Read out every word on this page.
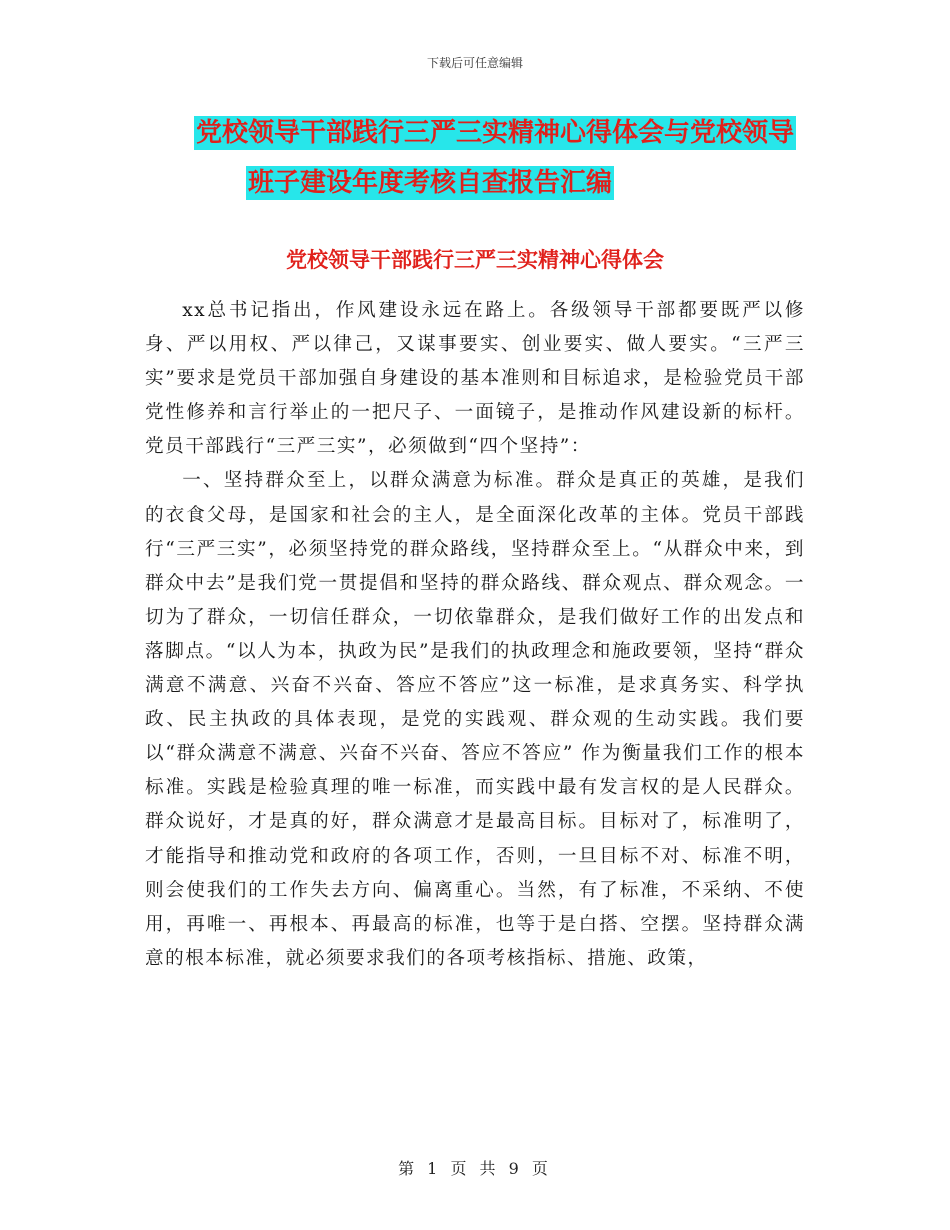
下载后可任意编辑
党校领导干部践行三严三实精神心得体会与党校领导
班子建设年度考核自查报告汇编
党校领导干部践行三严三实精神心得体会

xx总书记指出，作风建设永远在路上。各级领导干部都要既严以修身、严以用权、严以律己，又谋事要实、创业要实、做人要实。“三严三实”要求是党员干部加强自身建设的基本准则和目标追求，是检验党员干部党性修养和言行举止的一把尺子、一面镜子，是推动作风建设新的标杆。党员干部践行“三严三实”，必须做到“四个坚持”：

一、坚持群众至上，以群众满意为标准。群众是真正的英雄，是我们的衣食父母，是国家和社会的主人，是全面深化改革的主体。党员干部践行“三严三实”，必须坚持党的群众路线，坚持群众至上。“从群众中来，到群众中去”是我们党一贯提倡和坚持的群众路线、群众观点、群众观念。一切为了群众，一切信任群众，一切依靠群众，是我们做好工作的出发点和落脚点。“以人为本，执政为民”是我们的执政理念和施政要领，坚持“群众满意不满意、兴奋不兴奋、答应不答应”这一标准，是求真务实、科学执政、民主执政的具体表现，是党的实践观、群众观的生动实践。我们要以“群众满意不满意、兴奋不兴奋、答应不答应” 作为衡量我们工作的根本标准。实践是检验真理的唯一标准，而实践中最有发言权的是人民群众。群众说好，才是真的好，群众满意才是最高目标。目标对了，标准明了，才能指导和推动党和政府的各项工作，否则，一旦目标不对、标准不明，则会使我们的工作失去方向、偏离重心。当然，有了标准，不采纳、不使用，再唯一、再根本、再最高的标准，也等于是白搭、空摆。坚持群众满意的根本标准，就必须要求我们的各项考核指标、措施、政策，

第 1 页 共 9 页
